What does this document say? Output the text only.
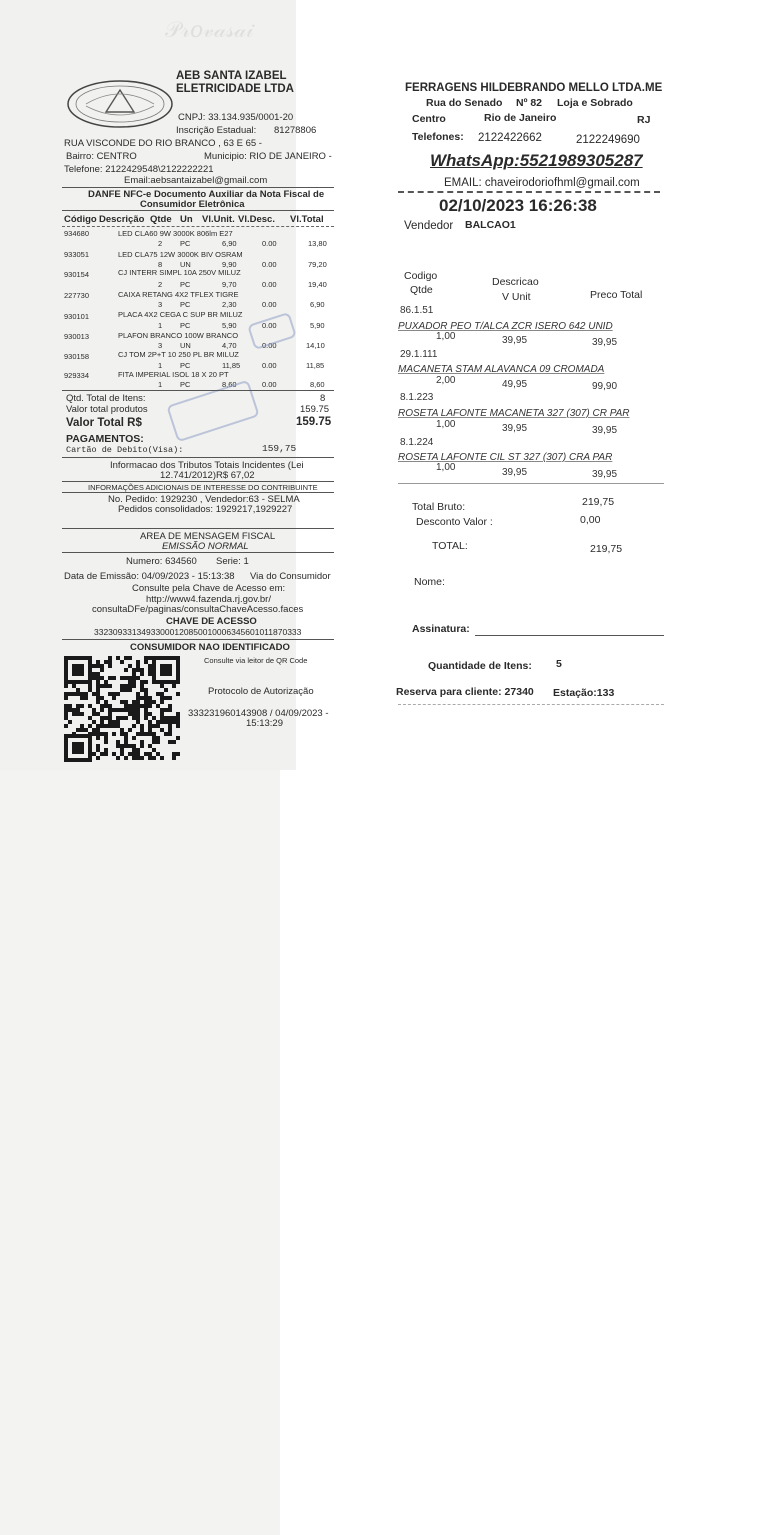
𝒫𝓇𝑜𝓋𝒶𝓈𝒶𝒾
AEB SANTA IZABEL
ELETRICIDADE LTDA
CNPJ: 33.134.935/0001-20
Inscrição Estadual: 81278806
RUA VISCONDE DO RIO BRANCO , 63 E 65 -
Bairro: CENTRO	Municipio: RIO DE JANEIRO -
Telefone: 2122429548\2122222221
Email:aebsantaizabel@gmail.com
DANFE NFC-e Documento Auxiliar da Nota Fiscal de
Consumidor Eletrônica
Código Descrição Qtde Un Vl.Unit. Vl.Desc. Vl.Total
934680	LED CLA60 9W 3000K 806lm E27
2 PC	6,90	0.00	13,80
933051	LED CLA75 12W 3000K BIV OSRAM
8 UN	9,90	0.00	79,20
930154	CJ INTERR SIMPL 10A 250V MILUZ
2 PC	9,70	0.00	19,40
227730	CAIXA RETANG 4X2 TFLEX TIGRE
3 PC	2,30	0.00	6,90
930101	PLACA 4X2 CEGA C SUP BR MILUZ
1 PC	5,90	0.00	5,90
930013	PLAFON BRANCO 100W BRANCO
3 UN	4,70	0.00	14,10
930158	CJ TOM 2P+T 10 250 PL BR MILUZ
1 PC	11,85	0.00	11,85
929334	FITA IMPERIAL ISOL 18 X 20 PT
1 PC	8,60	0.00	8,60
Qtd. Total de Itens:	8
Valor total produtos	159.75
Valor Total R$	159.75
PAGAMENTOS:
Cartão de Debito(Visa):	159,75
Informacao dos Tributos Totais Incidentes (Lei
12.741/2012)R$ 67,02
INFORMAÇÕES ADICIONAIS DE INTERESSE DO CONTRIBUINTE
No. Pedido: 1929230 , Vendedor:63 - SELMA
Pedidos consolidados: 1929217,1929227
AREA DE MENSAGEM FISCAL
EMISSÃO NORMAL
Numero: 634560 Serie: 1
Data de Emissão: 04/09/2023 - 15:13:38 Via do Consumidor
Consulte pela Chave de Acesso em:
http://www4.fazenda.rj.gov.br/
consultaDFe/paginas/consultaChaveAcesso.faces
CHAVE DE ACESSO
33230933134933000120850010006345601011870333
CONSUMIDOR NAO IDENTIFICADO
Consulte via leitor de QR Code
Protocolo de Autorização
333231960143908 / 04/09/2023 -
15:13:29
FERRAGENS HILDEBRANDO MELLO LTDA.ME
Rua do Senado Nº 82 Loja e Sobrado
Centro	Rio de Janeiro	RJ
Telefones: 2122422662	2122249690
WhatsApp:5521989305287
EMAIL: chaveirodoriofhml@gmail.com
02/10/2023 16:26:38
Vendedor BALCAO1
Codigo
Qtde
Descricao
V Unit	Preco Total
86.1.51
PUXADOR PEO T/ALCA ZCR ISERO 642 UNID
1,00	39,95	39,95
29.1.111
MACANETA STAM ALAVANCA 09 CROMADA
2,00	49,95	99,90
8.1.223
ROSETA LAFONTE MACANETA 327 (307) CR PAR
1,00	39,95	39,95
8.1.224
ROSETA LAFONTE CIL ST 327 (307) CRA PAR
1,00	39,95	39,95
Total Bruto:	219,75
Desconto Valor :	0,00
TOTAL:	219,75
Nome:
Assinatura:
Quantidade de Itens: 5
Reserva para cliente: 27340 Estação:133
